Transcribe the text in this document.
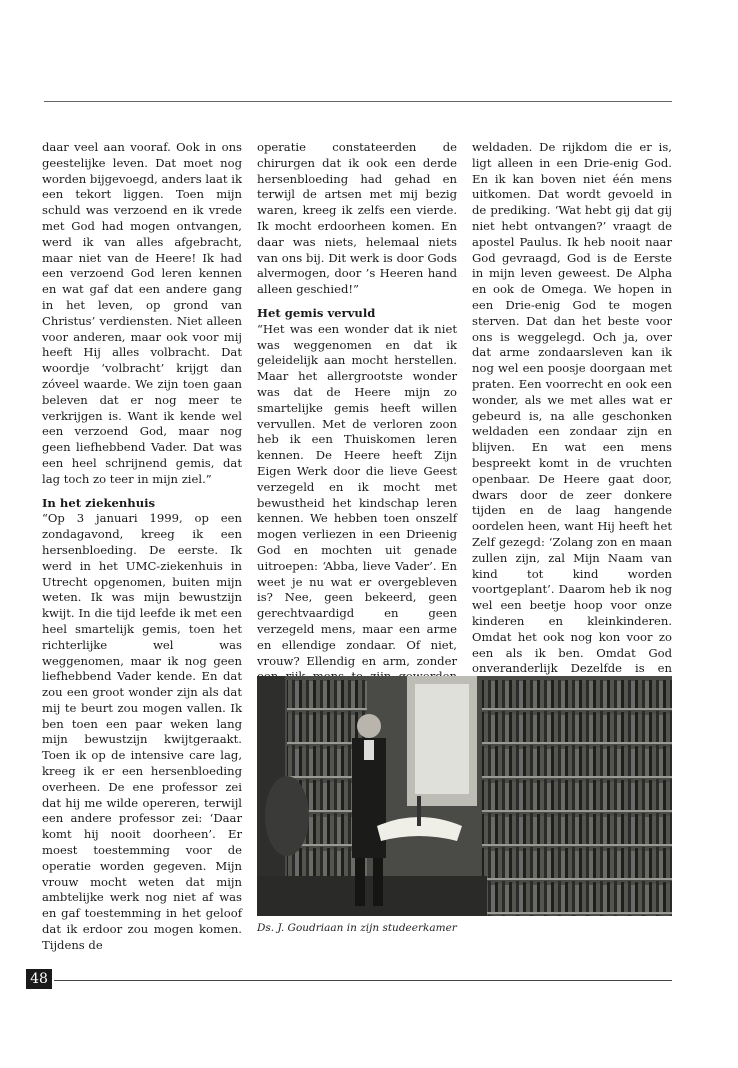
daar veel aan vooraf. Ook in ons geestelijke leven. Dat moet nog worden bijgevoegd, anders laat ik een tekort liggen. Toen mijn schuld was verzoend en ik vrede met God had mogen ontvangen, werd ik van alles afgebracht, maar niet van de Heere! Ik had een verzoend God leren kennen en wat gaf dat een andere gang in het leven, op grond van Christus’ verdiensten. Niet alleen voor anderen, maar ook voor mij heeft Hij alles volbracht. Dat woordje ‘volbracht’ krijgt dan zóveel waarde. We zijn toen gaan beleven dat er nog meer te verkrijgen is. Want ik kende wel een verzoend God, maar nog geen liefhebbend Vader. Dat was een heel schrijnend gemis, dat lag toch zo teer in mijn ziel.”

In het ziekenhuis

“Op 3 januari 1999, op een zondagavond, kreeg ik een hersenbloeding. De eerste. Ik werd in het UMC-ziekenhuis in Utrecht opgenomen, buiten mijn weten. Ik was mijn bewustzijn kwijt. In die tijd leefde ik met een heel smartelijk gemis, toen het richterlijke wel was weggenomen, maar ik nog geen liefhebbend Vader kende. En dat zou een groot wonder zijn als dat mij te beurt zou mogen vallen. Ik ben toen een paar weken lang mijn bewustzijn kwijtgeraakt. Toen ik op de intensive care lag, kreeg ik er een hersenbloeding overheen. De ene professor zei dat hij me wilde opereren, terwijl een andere professor zei: ‘Daar komt hij nooit doorheen’. Er moest toestemming voor de operatie worden gegeven. Mijn vrouw mocht weten dat mijn ambtelijke werk nog niet af was en gaf toestemming in het geloof dat ik erdoor zou mogen komen. Tijdens de

operatie constateerden de chirurgen dat ik ook een derde hersenbloeding had gehad en terwijl de artsen met mij bezig waren, kreeg ik zelfs een vierde. Ik mocht erdoorheen komen. En daar was niets, helemaal niets van ons bij. Dit werk is door Gods alvermogen, door ’s Heeren hand alleen geschied!”

Het gemis vervuld

“Het was een wonder dat ik niet was weggenomen en dat ik geleidelijk aan mocht herstellen. Maar het allergrootste wonder was dat de Heere mijn zo smartelijke gemis heeft willen vervullen. Met de verloren zoon heb ik een Thuiskomen leren kennen. De Heere heeft Zijn Eigen Werk door die lieve Geest verzegeld en ik mocht met bewustheid het kindschap leren kennen. We hebben toen onszelf mogen verliezen in een Drieenig God en mochten uit genade uitroepen: ‘Abba, lieve Vader’. En weet je nu wat er overgebleven is? Nee, geen bekeerd, geen gerechtvaardigd en geen verzegeld mens, maar een arme en ellendige zondaar. Of niet, vrouw? Ellendig en arm, zonder

weldaden. De rijkdom die er is, ligt alleen in een Drie-enig God. En ik kan boven niet één mens uitkomen. Dat wordt gevoeld in de prediking. ‘Wat hebt gij dat gij niet hebt ontvangen?’ vraagt de apostel Paulus. Ik heb nooit naar God gevraagd, God is de Eerste in mijn leven geweest. De Alpha en ook de Omega. We hopen in een Drie-enig God te mogen sterven. Dat dan het beste voor ons is weggelegd. Och ja, over dat arme zondaarsleven kan ik nog wel een poosje doorgaan met praten. Een voorrecht en ook een wonder, als we met alles wat er gebeurd is, na alle geschonken weldaden een zondaar zijn en blijven. En wat een mens bespreekt komt in de vruchten openbaar. De Heere gaat door, dwars door de zeer donkere tijden en de laag hangende oordelen heen, want Hij heeft het Zelf gezegd: ‘Zolang zon en maan zullen zijn, zal Mijn Naam van kind tot kind worden voortgeplant’. Daarom heb ik nog wel een beetje hoop voor onze kinderen en kleinkinderen. Omdat het ook nog kon voor zo een als ik ben. Omdat God onveranderlijk Dezelfde is en

Ds. J. Goudriaan in zijn studeerkamer
48
